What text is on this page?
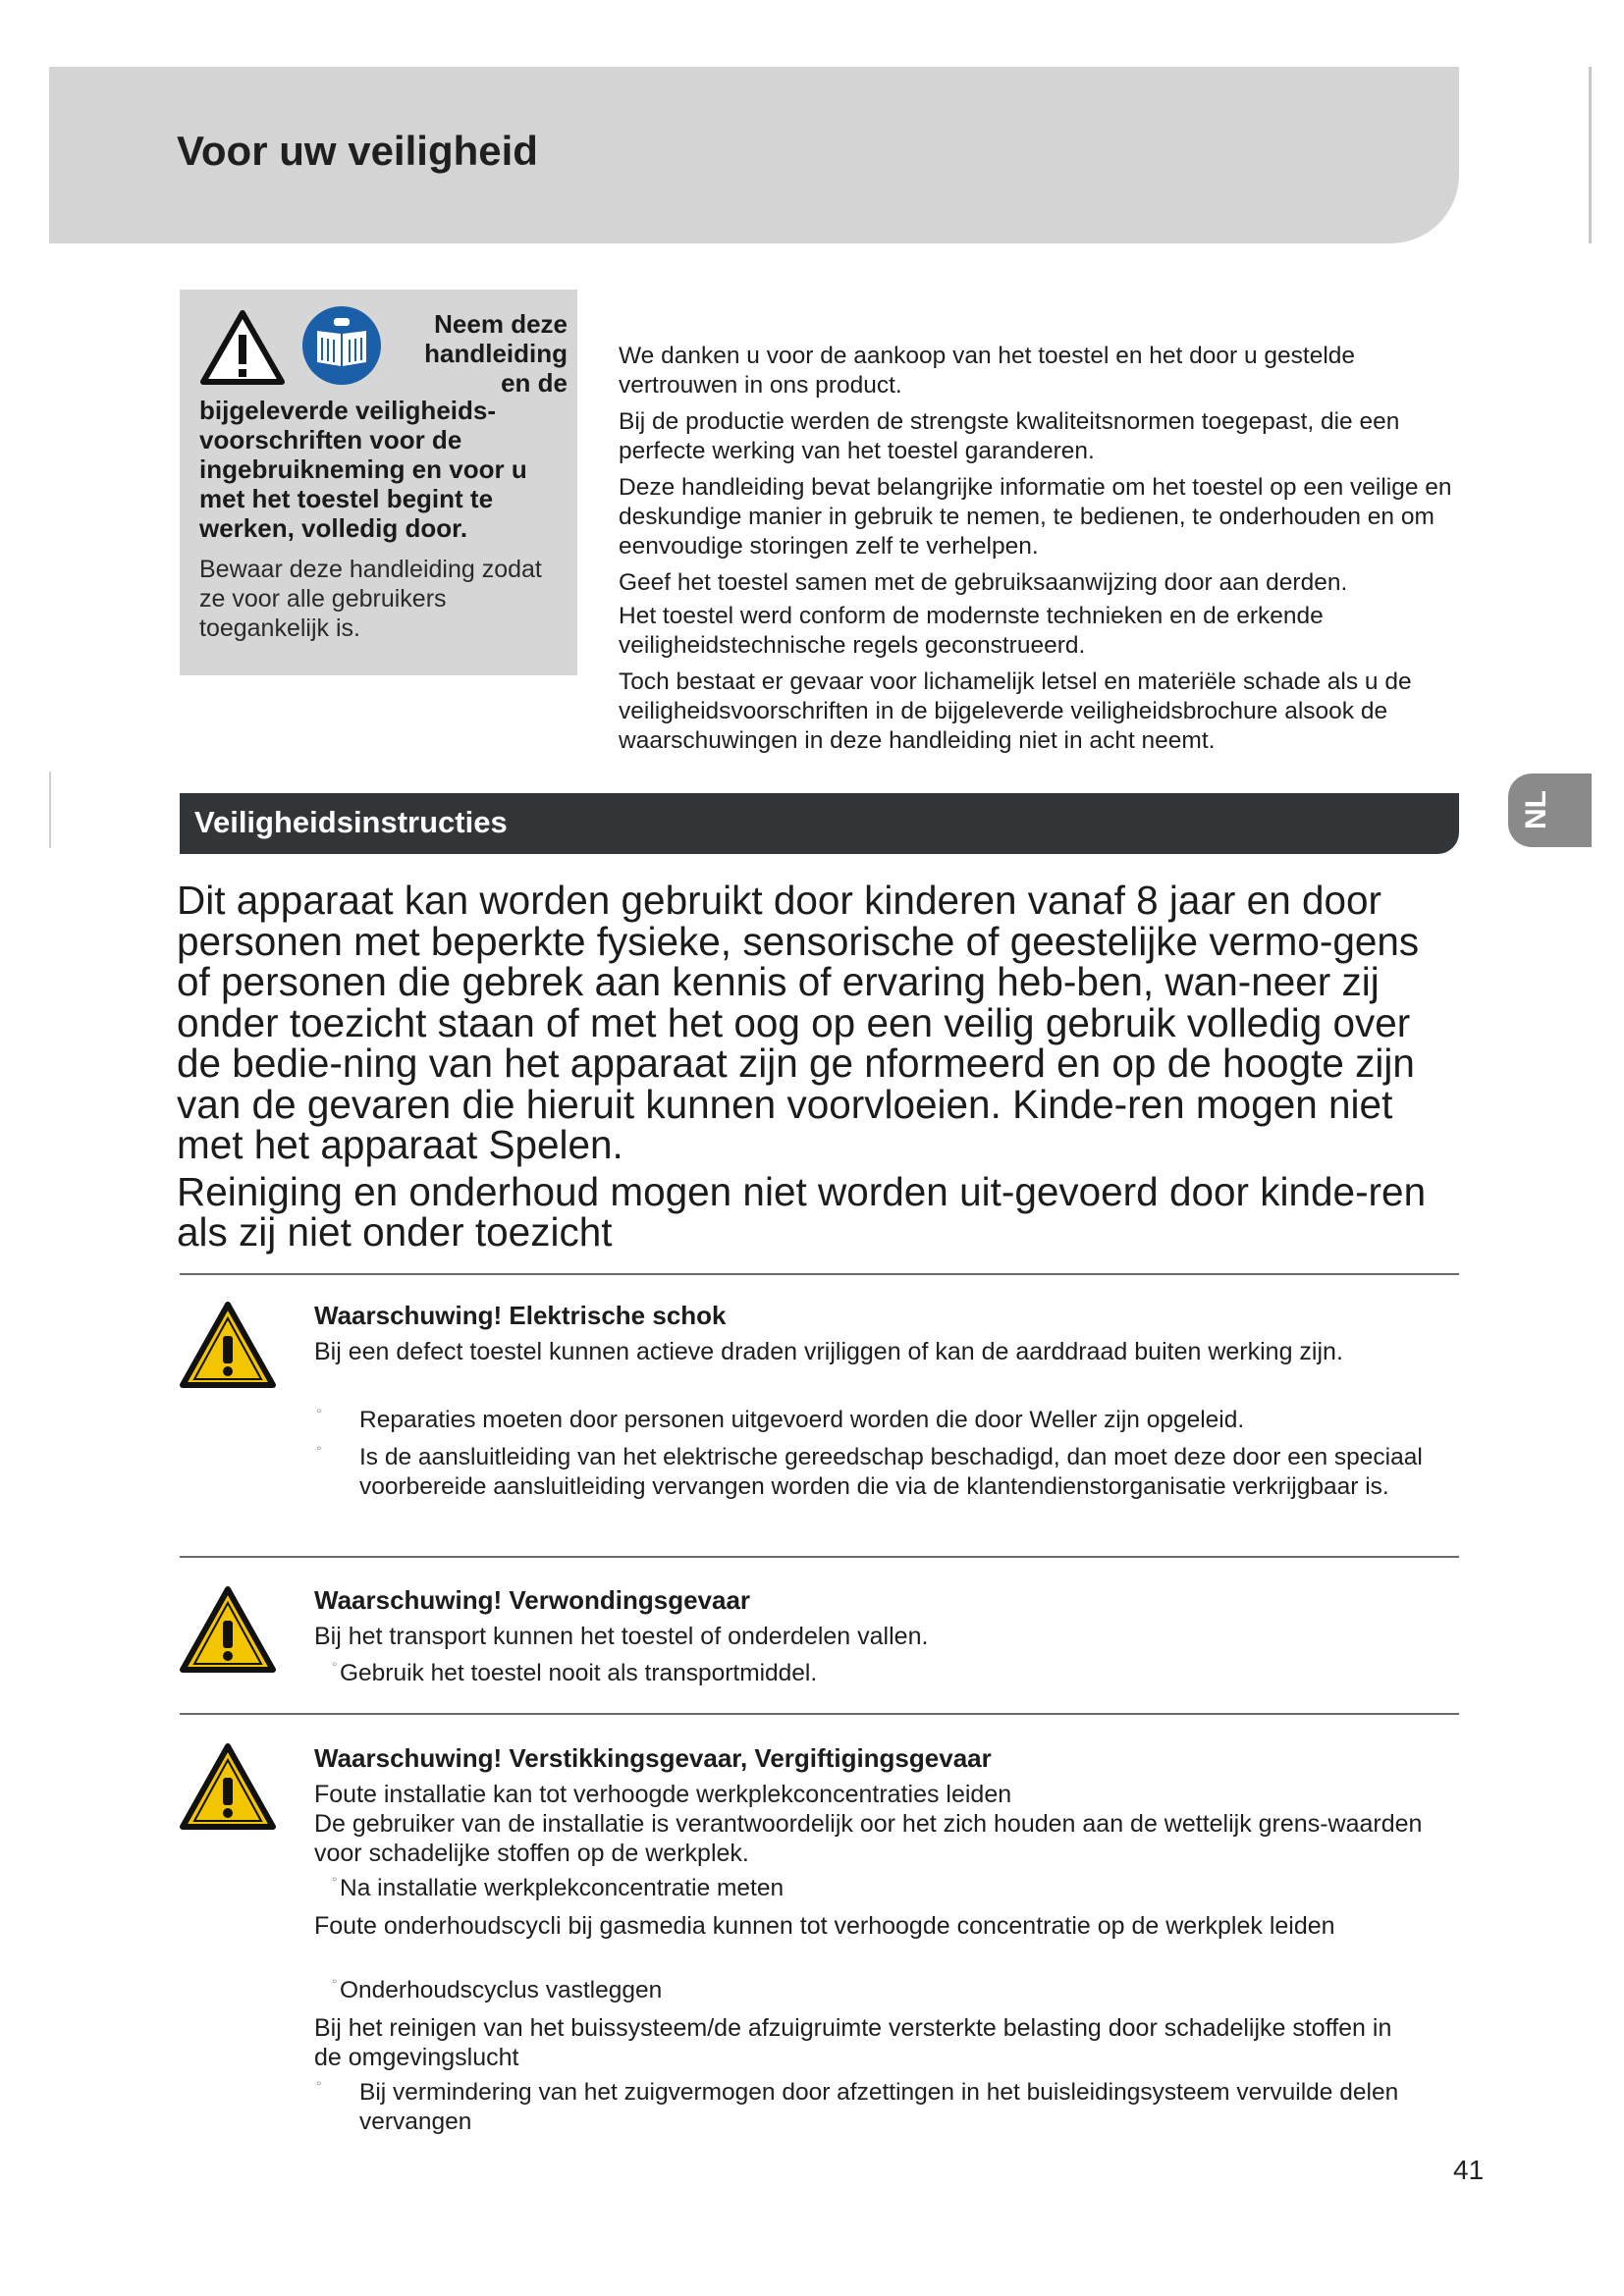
Voor uw veiligheid
Neem deze handleiding en de
bijgeleverde veiligheids-voorschriften voor de ingebruikneming en voor u met het toestel begint te werken, volledig door.
Bewaar deze handleiding zodat ze voor alle gebruikers toegankelijk is.

We danken u voor de aankoop van het toestel en het door u gestelde vertrouwen in ons product.

Bij de productie werden de strengste kwaliteitsnormen toegepast, die een perfecte werking van het toestel garanderen.

Deze handleiding bevat belangrijke informatie om het toestel op een veilige en deskundige manier in gebruik te nemen, te bedienen, te onderhouden en om eenvoudige storingen zelf te verhelpen.

Geef het toestel samen met de gebruiksaanwijzing door aan derden.

Het toestel werd conform de modernste technieken en de erkende veiligheidstechnische regels geconstrueerd.

Toch bestaat er gevaar voor lichamelijk letsel en materiële schade als u de veiligheidsvoorschriften in de bijgeleverde veiligheidsbrochure alsook de waarschuwingen in deze handleiding niet in acht neemt.

NL
Veiligheidsinstructies

Dit apparaat kan worden gebruikt door kinderen vanaf 8 jaar en door personen met beperkte fysieke, sensorische of geestelijke vermo-gens of personen die gebrek aan kennis of ervaring heb-ben, wan-neer zij onder toezicht staan of met het oog op een veilig gebruik volledig over de bedie-ning van het apparaat zijn ge nformeerd en op de hoogte zijn van de gevaren die hieruit kunnen voorvloeien. Kinde-ren mogen niet met het apparaat Spelen.

Reiniging en onderhoud mogen niet worden uit-gevoerd door kinde-ren als zij niet onder toezicht

Waarschuwing! Elektrische schok
Bij een defect toestel kunnen actieve draden vrijliggen of kan de aarddraad buiten werking zijn.
° Reparaties moeten door personen uitgevoerd worden die door Weller zijn opgeleid.
° Is de aansluitleiding van het elektrische gereedschap beschadigd, dan moet deze door een speciaal voorbereide aansluitleiding vervangen worden die via de klantendienstorganisatie verkrijgbaar is.
Waarschuwing! Verwondingsgevaar
Bij het transport kunnen het toestel of onderdelen vallen.
° Gebruik het toestel nooit als transportmiddel.
Waarschuwing! Verstikkingsgevaar, Vergiftigingsgevaar
Foute installatie kan tot verhoogde werkplekconcentraties leiden
De gebruiker van de installatie is verantwoordelijk oor het zich houden aan de wettelijk grens-waarden voor schadelijke stoffen op de werkplek.
° Na installatie werkplekconcentratie meten
Foute onderhoudscycli bij gasmedia kunnen tot verhoogde concentratie op de werkplek leiden
° Onderhoudscyclus vastleggen
Bij het reinigen van het buissysteem/de afzuigruimte versterkte belasting door schadelijke stoffen in de omgevingslucht
° Bij vermindering van het zuigvermogen door afzettingen in het buisleidingsysteem vervuilde delen vervangen
41
